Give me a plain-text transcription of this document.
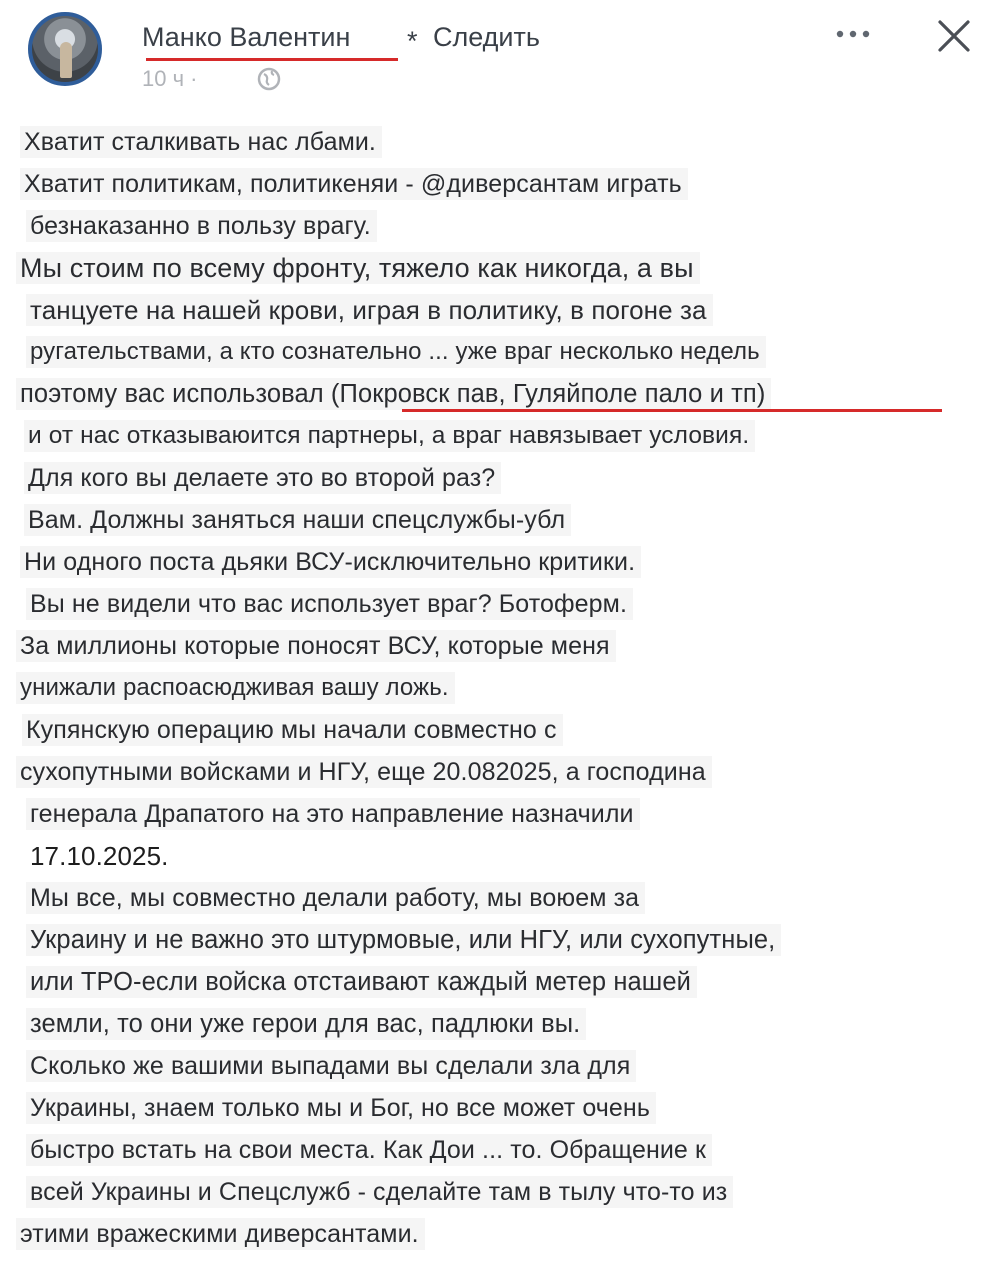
Манко Валентин * Следить
10 ч ·
Хватит сталкивать нас лбами.
Хватит политикам, политикеняи - @диверсантам играть
безнаказанно в пользу врагу.
Мы стоим по всему фронту, тяжело как никогда, а вы
танцуете на нашей крови, играя в политику, в погоне за
ругательствами, а кто сознательно ... уже враг несколько недель
поэтому вас использовал (Покровск пав, Гуляйполе пало и тп)
и от нас отказываюится партнеры, а враг навязывает условия.
Для кого вы делаете это во второй раз?
Вам. Должны заняться наши спецслужбы-убл
Ни одного поста дьяки ВСУ-исключительно критики.
Вы не видели что вас использует враг? Ботоферм.
За миллионы которые поносят ВСУ, которые меня
унижали распоасюдживая вашу ложь.
Купянскую операцию мы начали совместно с
сухопутными войсками и НГУ, еще 20.082025, а господина
генерала Драпатого на это направление назначили
17.10.2025.
Мы все, мы совместно делали работу, мы воюем за
Украину и не важно это штурмовые, или НГУ, или сухопутные,
или ТРО-если войска отстаивают каждый метер нашей
земли, то они уже герои для вас, падлюки вы.
Сколько же вашими выпадами вы сделали зла для
Украины, знаем только мы и Бог, но все может очень
быстро встать на свои места. Как Дои ... то. Обращение к
всей Украины и Спецслужб - сделайте там в тылу что-то из
этими вражескими диверсантами.
